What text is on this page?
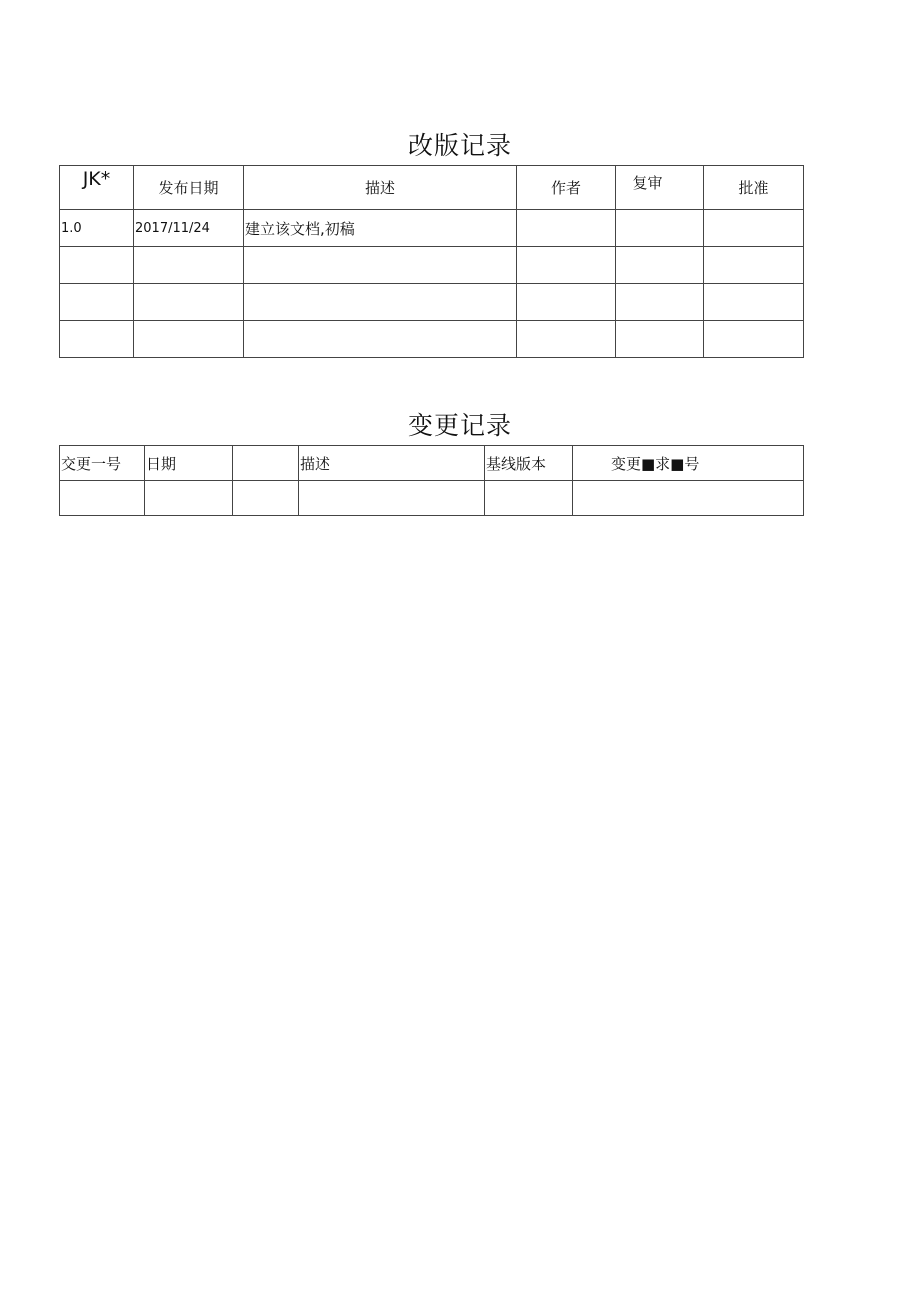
改版记录
JK*	发布日期	描述	作者	复审	批准
1.0	2017/11/24	建立该文档,初稿			

变更记录
交更一号	日期		描述	基线版本	变更■求■号
